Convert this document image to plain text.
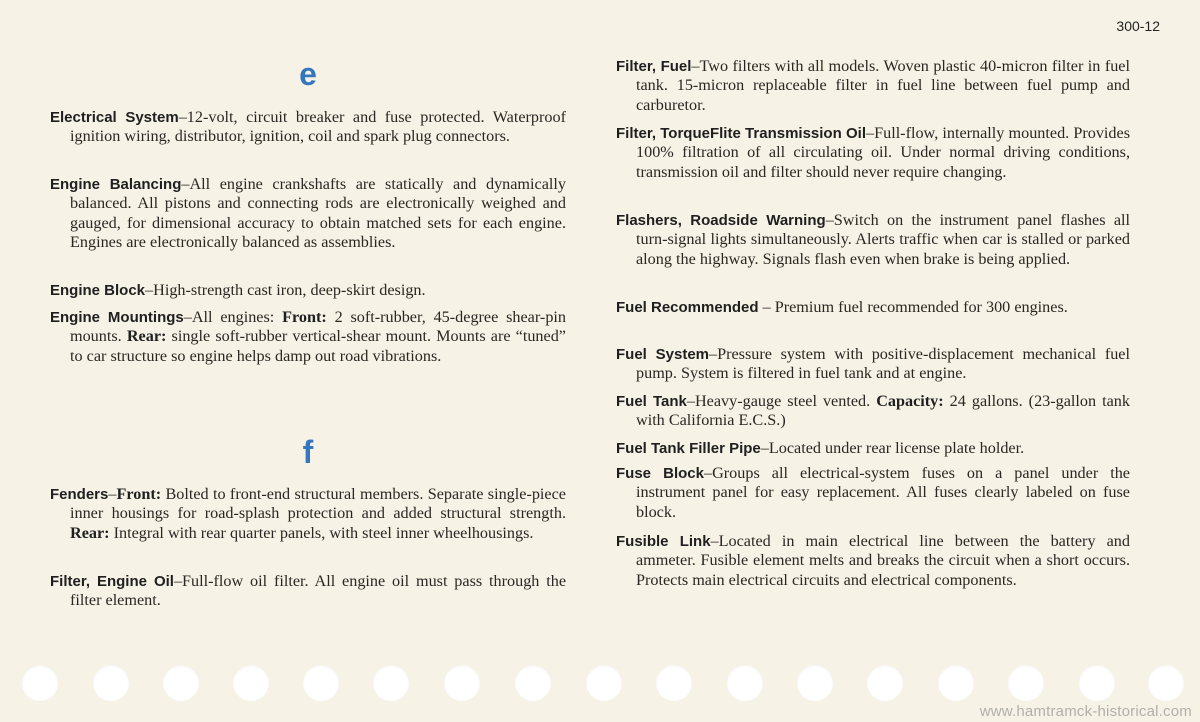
300-12
e
Electrical System–12-volt, circuit breaker and fuse protected. Waterproof ignition wiring, distributor, ignition, coil and spark plug connectors.
Engine Balancing–All engine crankshafts are statically and dynamically balanced. All pistons and connecting rods are electronically weighed and gauged, for dimensional accuracy to obtain matched sets for each engine. Engines are electronically balanced as assemblies.
Engine Block–High-strength cast iron, deep-skirt design.
Engine Mountings–All engines: Front: 2 soft-rubber, 45-degree shear-pin mounts. Rear: single soft-rubber vertical-shear mount. Mounts are “tuned” to car structure so engine helps damp out road vibrations.
f
Fenders–Front: Bolted to front-end structural members. Separate single-piece inner housings for road-splash protection and added structural strength. Rear: Integral with rear quarter panels, with steel inner wheelhousings.
Filter, Engine Oil–Full-flow oil filter. All engine oil must pass through the filter element.
Filter, Fuel–Two filters with all models. Woven plastic 40-micron filter in fuel tank. 15-micron replaceable filter in fuel line between fuel pump and carburetor.
Filter, TorqueFlite Transmission Oil–Full-flow, internally mounted. Provides 100% filtration of all circulating oil. Under normal driving conditions, transmission oil and filter should never require changing.
Flashers, Roadside Warning–Switch on the instrument panel flashes all turn-signal lights simultaneously. Alerts traffic when car is stalled or parked along the highway. Signals flash even when brake is being applied.
Fuel Recommended – Premium fuel recommended for 300 engines.
Fuel System–Pressure system with positive-displacement mechanical fuel pump. System is filtered in fuel tank and at engine.
Fuel Tank–Heavy-gauge steel vented. Capacity: 24 gallons. (23-gallon tank with California E.C.S.)
Fuel Tank Filler Pipe–Located under rear license plate holder.
Fuse Block–Groups all electrical-system fuses on a panel under the instrument panel for easy replacement. All fuses clearly labeled on fuse block.
Fusible Link–Located in main electrical line between the battery and ammeter. Fusible element melts and breaks the circuit when a short occurs. Protects main electrical circuits and electrical components.
www.hamtramck-historical.com
